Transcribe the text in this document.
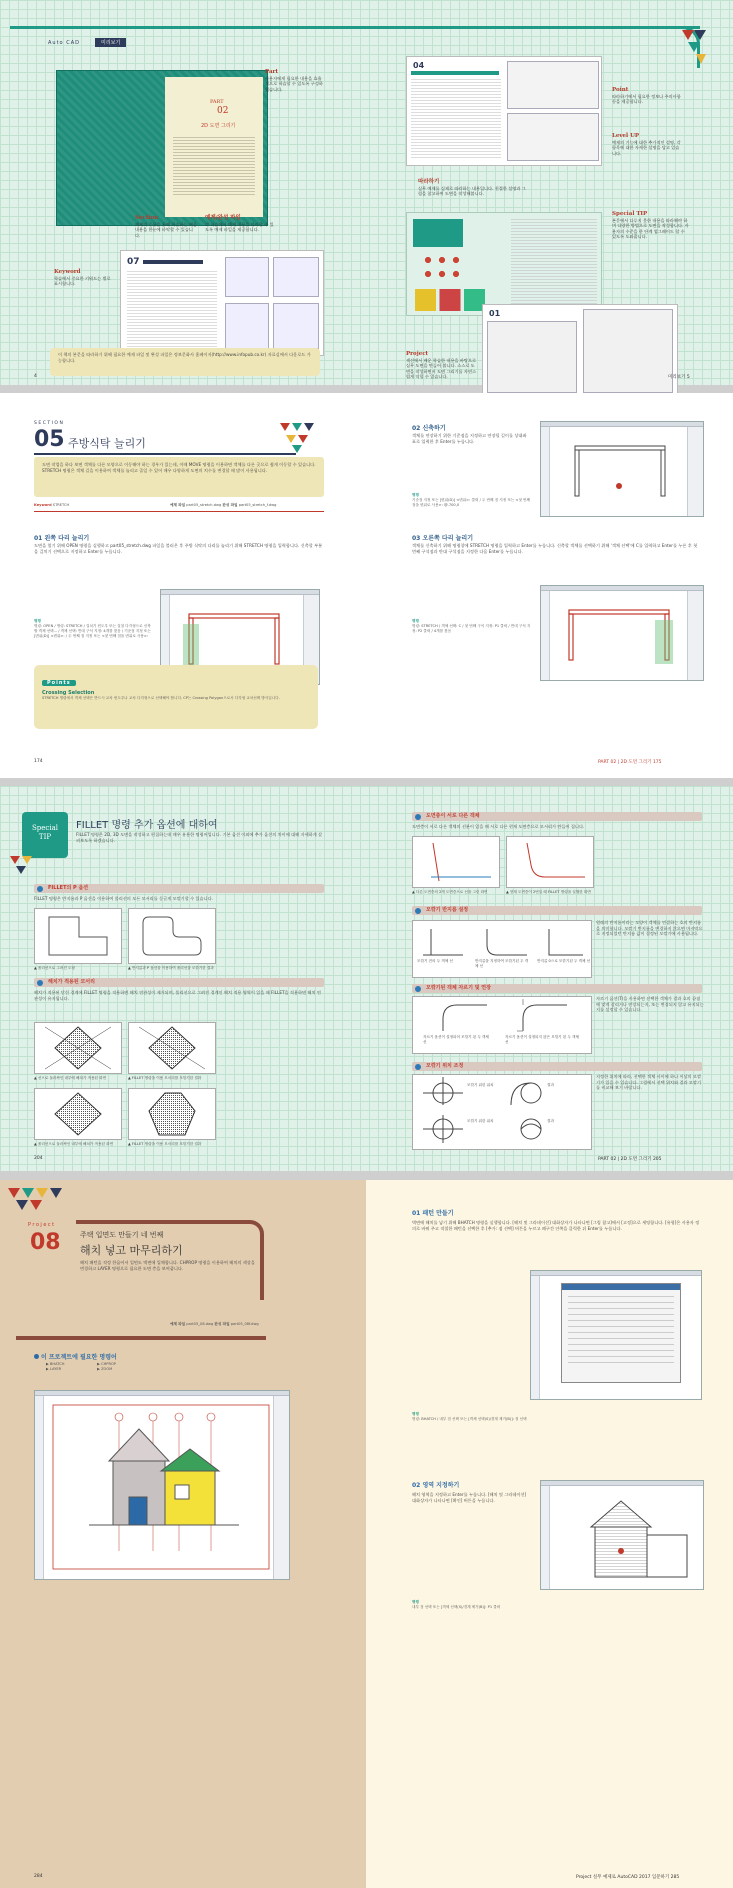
Auto CAD	미리보기
PART
02
2D 도면 그리기
Part
사용자에게 필요한 내용을 효율적으로 학습할 수 있도록 구성하였습니다.
Section
예제의 응용을 통해 학습하는 배움 내용을 한눈에 파악할 수 있습니다.
예제/완성 파일
각 학습에서 예제 내용을 따라할 수 있도록 예제 파일을 제공합니다.
Keyword
학습에서 중요한 키워드는 별로 표시합니다.
07
04
Point
따라하기에서 필요한 정보나 주의사항 등을 제공합니다.
Level UP
예제의 기능에 대한 추가적인 설명, 각 항목에 대한 자세한 설명을 담고 있습니다.
따라하기
실무 예제를 실제로 따라하는 내용입니다. 친절한 설명과 그림을 참고하여 도면을 작성해봅니다.
Special TIP
본문에서 다루지 못한 내용을 따라해야 하며 다양한 방법으로 도면을 작성합니다. 사용자의 수준을 한 단계 업그레이드 할 수 있도록 도와줍니다.
01
Project
섹션에서 배운 학습한 내용을 바탕으로 실무 도면을 만들어 봅니다. 스스로 도면을 작성하면서 도면 그리기를 자연스럽게 익힐 수 있습니다.
4	미리보기 5
이 책의 본문을 따라하기 위해 필요한 예제 파일 및 완성 파일은 정보문화사 홈페이지(http://www.infopub.co.kr) 자료실에서 다운로드 가능합니다.
SECTION
05 주방식탁 늘리기
도면 작업을 하다 보면 객체를 다른 모양으로 이동해야 하는 경우가 있는데, 이때 MOVE 명령을 이용하면 객체를 다른 곳으로 쉽게 이동할 수 있습니다. STRETCH 명령은 객체 길을 이용하여 객체를 늘리고 줄일 수 있어 매우 다양하게 도면의 치수를 변경할 때 많이 사용됩니다.
Keyword STRETCH	예제 파일 part05_stretch.dwg 완성 파일 part05_stretch_f.dwg
01 왼쪽 다리 늘리기
도면을 열기 위해 OPEN 명령을 실행하고 part05_stretch.dwg 파일을 불러온 후 주방 식탁의 다리를 늘리기 위해 STRETCH 명령을 입력합니다. 신축할 부분을 걸치기 선택으로 지정하고 Enter를 누릅니다.
명령
명령: OPEN / 명령: STRETCH / 걸치기 윈도우 또는 걸침 다각형으로 신축할 객체 선택... / 객체 선택: 반대 구석 지정: 4개를 찾음 / 기준점 지정 또는 [변위(D)] <변위>: / 두 번째 점 지정 또는 <첫 번째 점을 변위로 사용>:
Points
Crossing Selection
STRETCH 명령에서 객체 선택은 반드시 교차 윈도우나 교차 다각형으로 선택해야 합니다. CP는 Crossing Polygon으로서 다각형 교차선택 방식입니다.
02 신축하기
객체를 연장하기 위한 기준점을 지정하고 연장될 길이를 상대좌표로 입력한 후 Enter를 누릅니다.
명령
기준점 지정 또는 [변위(D)] <변위>: 클릭 / 두 번째 점 지정 또는 <첫 번째 점을 변위로 사용>: @-700,0
03 오른쪽 다리 늘리기
객체를 신축하기 위해 명령창에 STRETCH 명령을 입력하고 Enter를 누릅니다. 신축할 객체를 선택하기 위해 '객체 선택'에 C를 입력하고 Enter를 누른 후 첫 번째 구석점과 반대 구석점을 지정한 다음 Enter를 누릅니다.
명령
명령: STRETCH / 객체 선택: C / 첫 번째 구석 지정: P1 클릭 / 반대 구석 지정: P2 클릭 / 4개를 찾음
174	PART 02 | 2D 도면 그리기 175
Special TIP
FILLET 명령 추가 옵션에 대하여
FILLET 명령은 2D, 3D 도면을 작성하고 편집하는데 매우 유용한 명령어입니다. 기본 옵션 이외에 추가 옵션의 차이에 대해 자세하게 살펴보도록 하겠습니다.
FILLET의 P 옵션
FILLET 명령은 반지름과 P 옵션을 이용하여 폴리선의 모든 모서리를 둥글게 모깎기할 수 있습니다.
▲ 폴리선으로 그려진 도형	▲ 반지름과 P 옵션을 이용하여 폴리선을 모깎기한 결과
해치가 적용된 모서리
해치가 적용된 닫힌 경계에 FILLET 명령을 적용하면 해치 연관성이 제거되며, 폴리선으로 그려진 경계인 해치 적용 영역이 있을 때 FILLET을 적용하면 해치 연관성이 유지됩니다.
▲ 선으로 둘러싸인 내부에 해치가 적용된 화면	▲ FILLET 명령을 이용 모서리를 모깎기한 결과
▲ 폴리선으로 둘러싸인 내부에 해치가 적용된 화면	▲ FILLET 명령을 이용 모서리를 모깎기한 결과
도면층이 서로 다른 객체
도면층이 서로 다른 객체의 선분이 있을 때 서로 다른 현재 도면층으로 모서리가 만들어 집니다.
▲ 다른 도면층의 2개 도면층으로 선을 그린 화면	▲ 현재 도면층이 2번일 때 FILLET 명령을 실행한 화면
모깎기 반지름 설정
모깎기 전의 두 객체 선	반지름을 지정하여 모깎기된 두 객체 선
반지름 0으로 모깎기된 두 객체 선
원래의 반지름이라는 모양이 객체를 연결하는 호의 반지름을 의미합니다. 모깎기 반지름을 변경하지 않으면 마지막으로 지정되었던 반지름 값이 결정된 모깎기에 사용됩니다.
모깎기된 객체 자르기 및 연장
자르기 옵션이 설정되어 모깎기 된 두 객체 선
자르기 옵션이 설정되지 않은 모깎기 된 두 객체 선
자르기 옵션(T)을 사용하면 선택한 객체가 결과 호의 끝점에 맞게 잘리거나 연장되는지, 또는 변경되지 않고 유지되는지를 설정할 수 있습니다.
모깎기 위치 조정
모깎기 위한 위치	결과
모깎기 위한 위치	결과
지정한 위치에 따라, 선택한 객체 사이에 하나 이상의 모깎기가 있을 수 있습니다. 그림에서 선택 위치와 결과 모깎기를 비교해 보기 바랍니다.
204	PART 02 | 2D 도면 그리기 205
Project
08	주택 입면도 만들기 네 번째
해치 넣고 마무리하기
해치 패턴을 적정 한옵어서 입면도 벽면에 입체합니다. CHPROP 명령을 이용하여 해치의 색상을 변경하고 LAYER 명령으로 필요한 도면 층을 보여줍니다.
예제 파일 part05_08.dwg 완성 파일 part05_08f.dwg
이 프로젝트에 필요한 명령어
▶ BHATCH	▶ CHPROP ▶ LAYER	▶ ZOOM
01 패턴 만들기
벽면에 해치를 넣기 위해 BHATCH 명령을 실행합니다. [해치 및 그라데이션] 대화상자가 나타나면 [그림 참고]에서 [고정]으로 세팅합니다. [유형]은 사용자 정의로 바꿔 주고 적절한 패턴을 선택한 후 [추가: 점 선택] 버튼을 누르고 폐구간 안쪽을 클릭한 뒤 Enter를 누릅니다.
명령
명령: BHATCH / 내부 점 선택 또는 [객체 선택(S)/경계 제거(B)]: 점 선택
02 영역 지정하기
해치 영역을 지정하고 Enter를 누릅니다. [해치 및 그라데이션] 대화상자가 나타나면 [확인] 버튼을 누릅니다.
명령
내부 점 선택 또는 [객체 선택(S)/경계 제거(B)]: P1 클릭
284	Project 실무 예제로 AutoCAD 2017 입문하기 285
